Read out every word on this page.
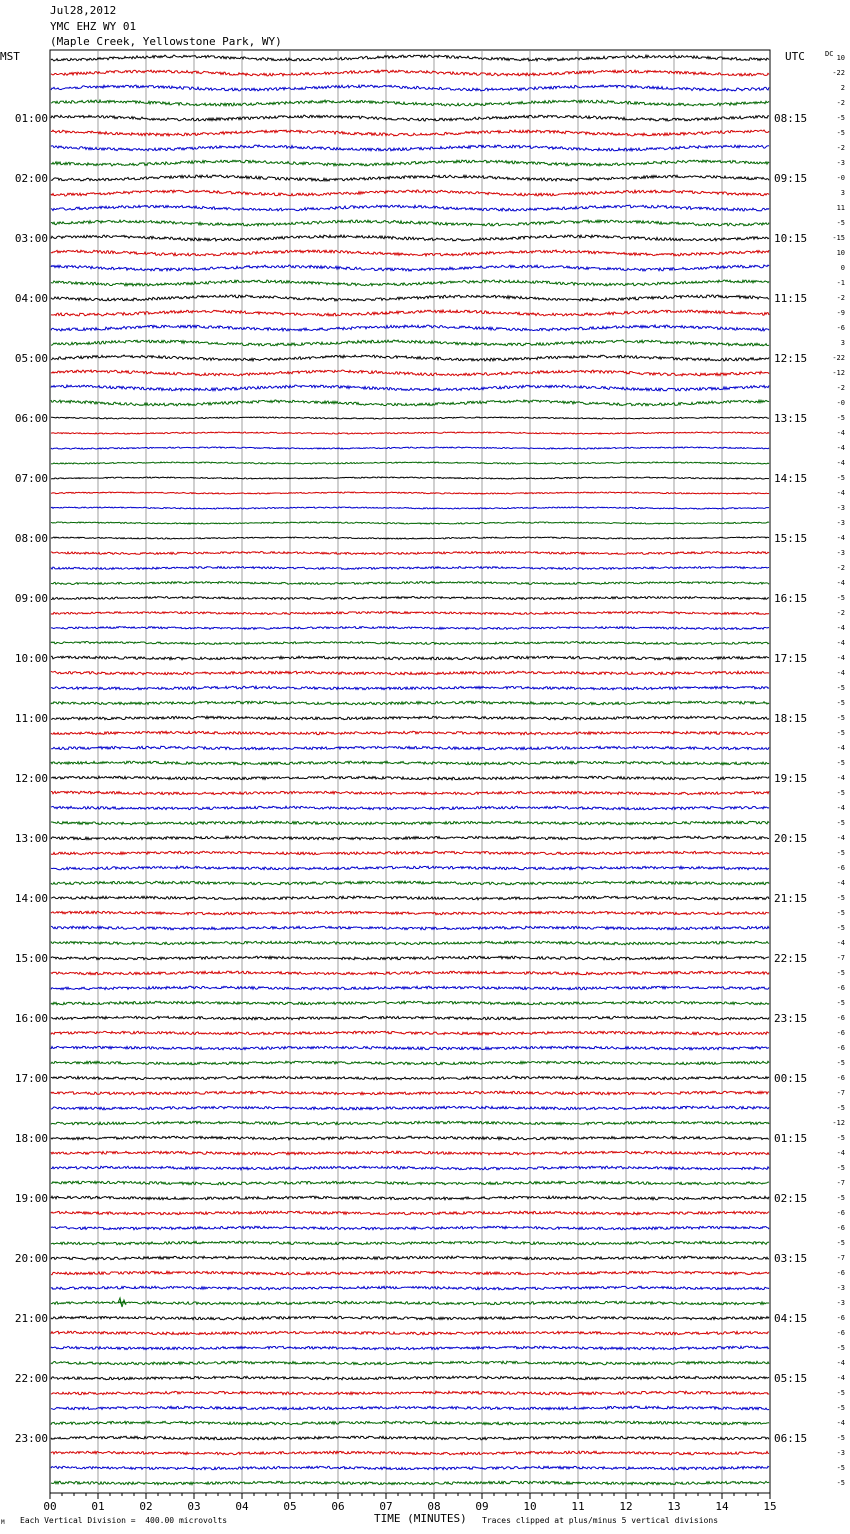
Jul28,2012
YMC EHZ WY 01
(Maple Creek, Yellowstone Park, WY)
MST	UTC
00	01	02	03	04	05	06	07	08	09	10	11	12	13	14	15
01:00
02:00
03:00
04:00
05:00
06:00
07:00
08:00
09:00
10:00
11:00
12:00
13:00
14:00
15:00
16:00
17:00
18:00
19:00
20:00
21:00
22:00
23:00
08:15
09:15
10:15
11:15
12:15
13:15
14:15
15:15
16:15
17:15
18:15
19:15
20:15
21:15
22:15
23:15
00:15
01:15
02:15
03:15
04:15
05:15
06:15
DC 10
-22
2
-2
-5
-5
-2
-3
-0
3
11
-5
-15
10
0
-1
-2
-9
-6
3
-22
-12
-2
-0
-5
-4
-4
-4
-5
-4
-3
-3
-4
-3
-2
-4
-5
-2
-4
-4
-4
-4
-5
-5
-5
-5
-4
-5
-4
-5
-4
-5
-4
-5
-6
-4
-5
-5
-5
-4
-7
-5
-6
-5
-6
-6
-6
-5
-6
-7
-5
-12
-5
-4
-5
-7
-5
-6
-6
-5
-7
-6
-3
-3
-6
-6
-5
-4
-4
-5
-5
-4
-5
-3
-5
-5
Each Vertical Division =  400.00 microvolts	TIME (MINUTES) Traces clipped at plus/minus 5 vertical divisions
M
